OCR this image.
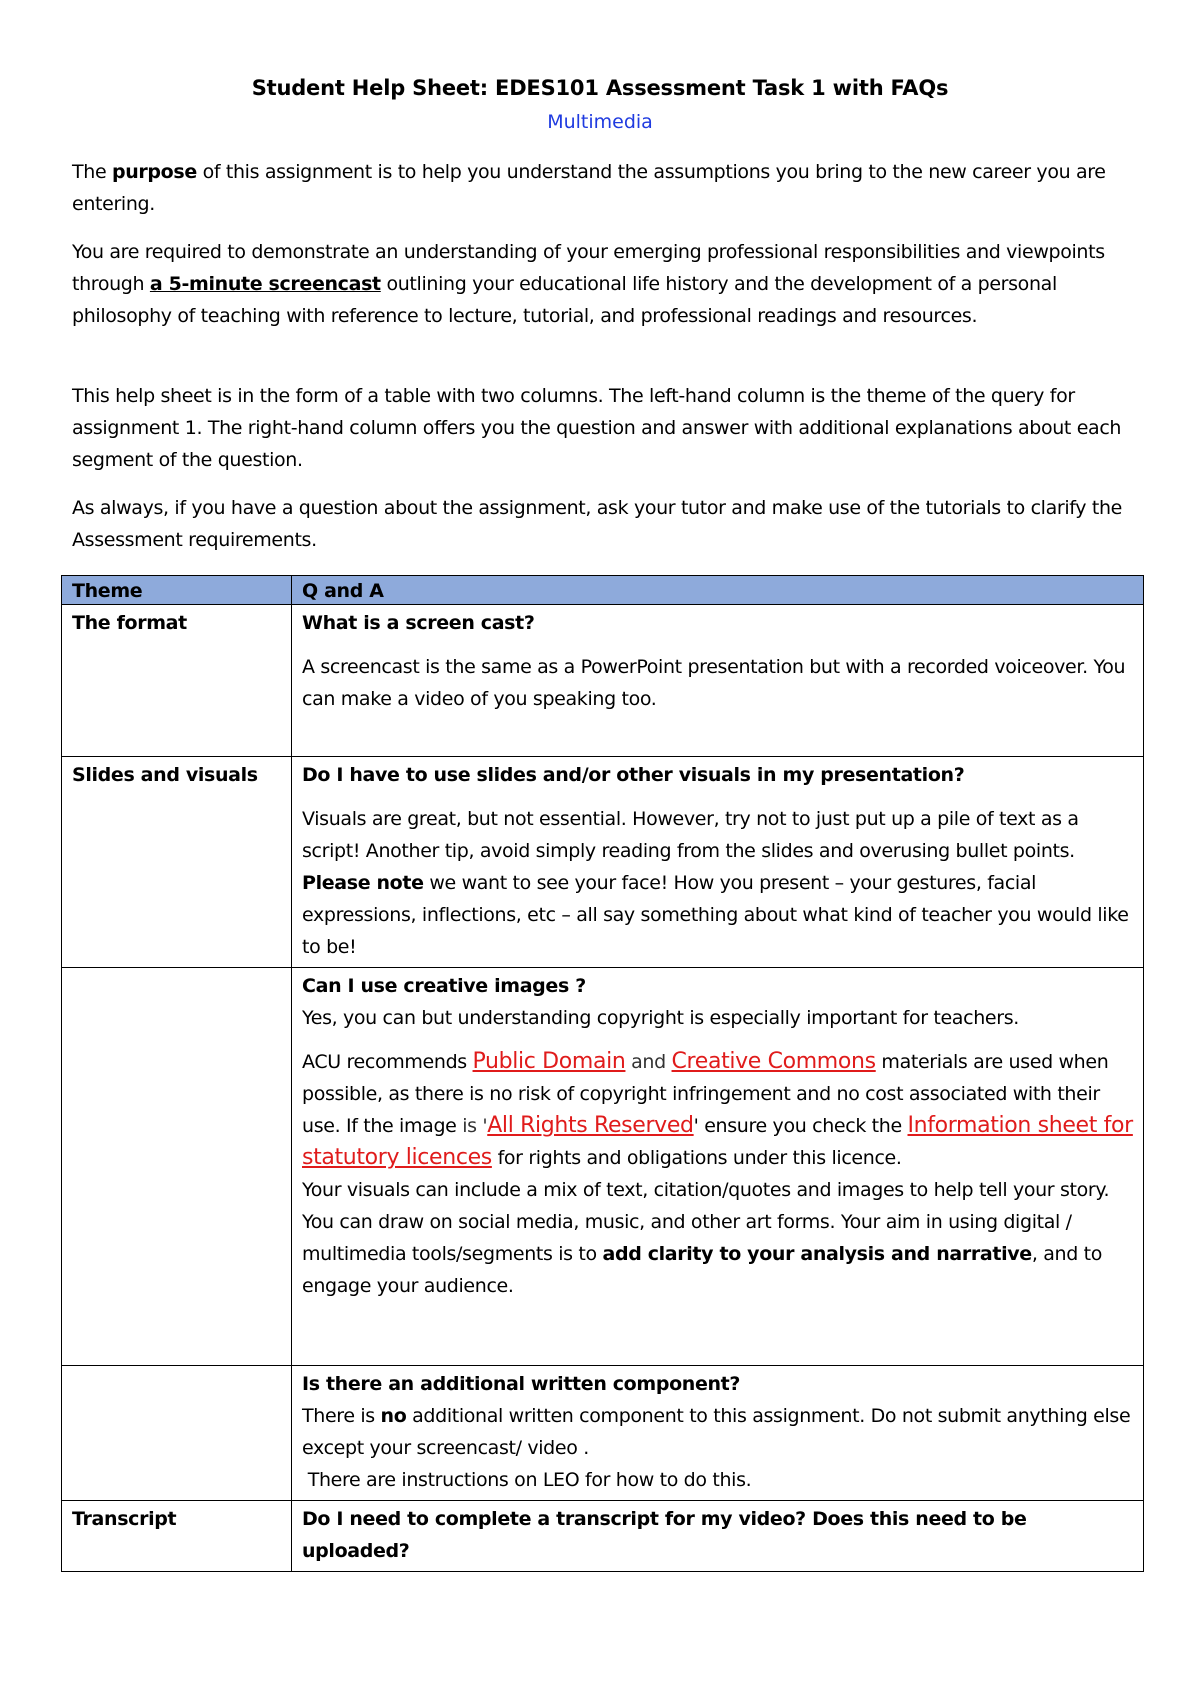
Student Help Sheet: EDES101 Assessment Task 1 with FAQs
Multimedia

The purpose of this assignment is to help you understand the assumptions you bring to the new career you are entering.

You are required to demonstrate an understanding of your emerging professional responsibilities and viewpoints through a 5-minute screencast outlining your educational life history and the development of a personal philosophy of teaching with reference to lecture, tutorial, and professional readings and resources.

This help sheet is in the form of a table with two columns. The left-hand column is the theme of the query for assignment 1. The right-hand column offers you the question and answer with additional explanations about each segment of the question.

As always, if you have a question about the assignment, ask your tutor and make use of the tutorials to clarify the Assessment requirements.

Theme	Q and A
The format	What is a screen cast?
A screencast is the same as a PowerPoint presentation but with a recorded voiceover. You can make a video of you speaking too.

Slides and visuals	Do I have to use slides and/or other visuals in my presentation?
Visuals are great, but not essential. However, try not to just put up a pile of text as a script! Another tip, avoid simply reading from the slides and overusing bullet points.
Please note we want to see your face! How you present – your gestures, facial expressions, inflections, etc – all say something about what kind of teacher you would like to be!

	Can I use creative images ?
Yes, you can but understanding copyright is especially important for teachers.
ACU recommends Public Domain and Creative Commons materials are used when possible, as there is no risk of copyright infringement and no cost associated with their use. If the image is 'All Rights Reserved' ensure you check the Information sheet for statutory licences for rights and obligations under this licence.
Your visuals can include a mix of text, citation/quotes and images to help tell your story. You can draw on social media, music, and other art forms. Your aim in using digital / multimedia tools/segments is to add clarity to your analysis and narrative, and to engage your audience.

	Is there an additional written component?
There is no additional written component to this assignment. Do not submit anything else except your screencast/ video .
There are instructions on LEO for how to do this.

Transcript	Do I need to complete a transcript for my video? Does this need to be uploaded?
